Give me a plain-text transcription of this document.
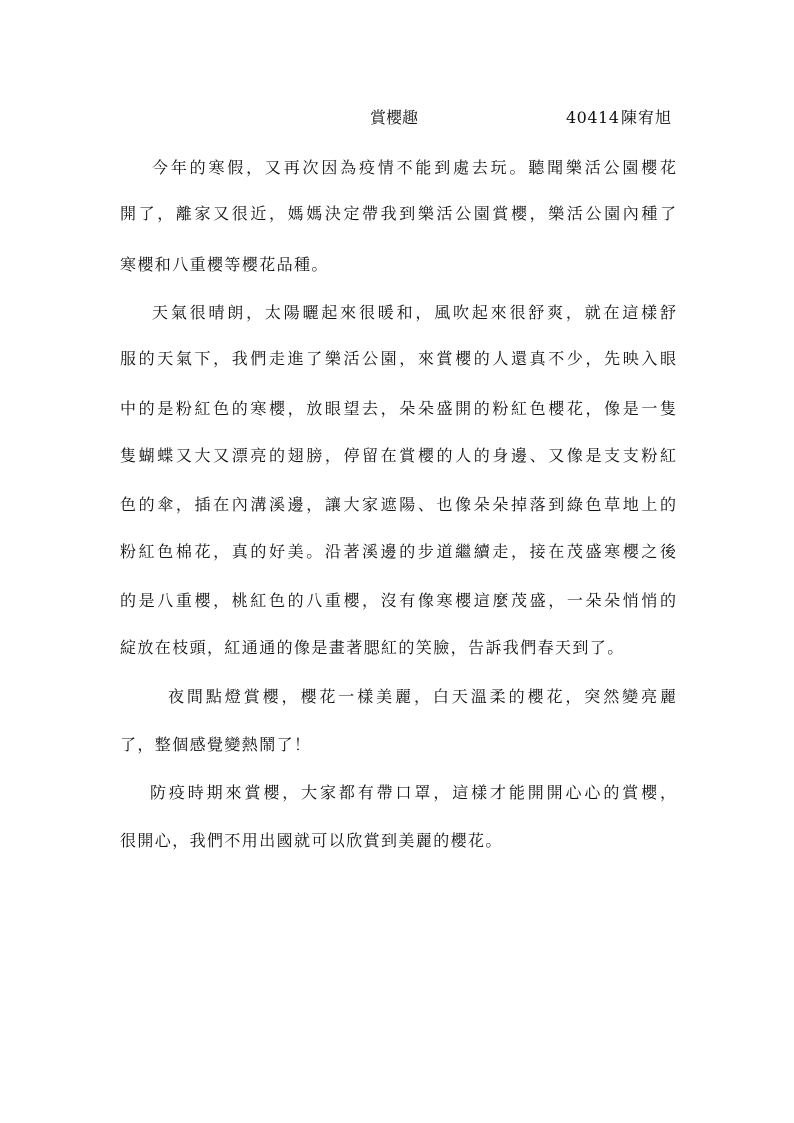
賞櫻趣	40414 陳宥旭
今年的寒假，又再次因為疫情不能到處去玩。聽聞樂活公園櫻花
開了，離家又很近，媽媽決定帶我到樂活公園賞櫻，樂活公園內種了
寒櫻和八重櫻等櫻花品種。
天氣很晴朗，太陽曬起來很暖和，風吹起來很舒爽，就在這樣舒
服的天氣下，我們走進了樂活公園，來賞櫻的人還真不少，先映入眼
中的是粉紅色的寒櫻，放眼望去，朵朵盛開的粉紅色櫻花，像是一隻
隻蝴蝶又大又漂亮的翅膀，停留在賞櫻的人的身邊、又像是支支粉紅
色的傘，插在內溝溪邊，讓大家遮陽、也像朵朵掉落到綠色草地上的
粉紅色棉花，真的好美。沿著溪邊的步道繼續走，接在茂盛寒櫻之後
的是八重櫻，桃紅色的八重櫻，沒有像寒櫻這麼茂盛，一朵朵悄悄的
綻放在枝頭，紅通通的像是畫著腮紅的笑臉，告訴我們春天到了。
夜間點燈賞櫻，櫻花一樣美麗，白天溫柔的櫻花，突然變亮麗
了，整個感覺變熱鬧了！
防疫時期來賞櫻，大家都有帶口罩，這樣才能開開心心的賞櫻，
很開心，我們不用出國就可以欣賞到美麗的櫻花。
